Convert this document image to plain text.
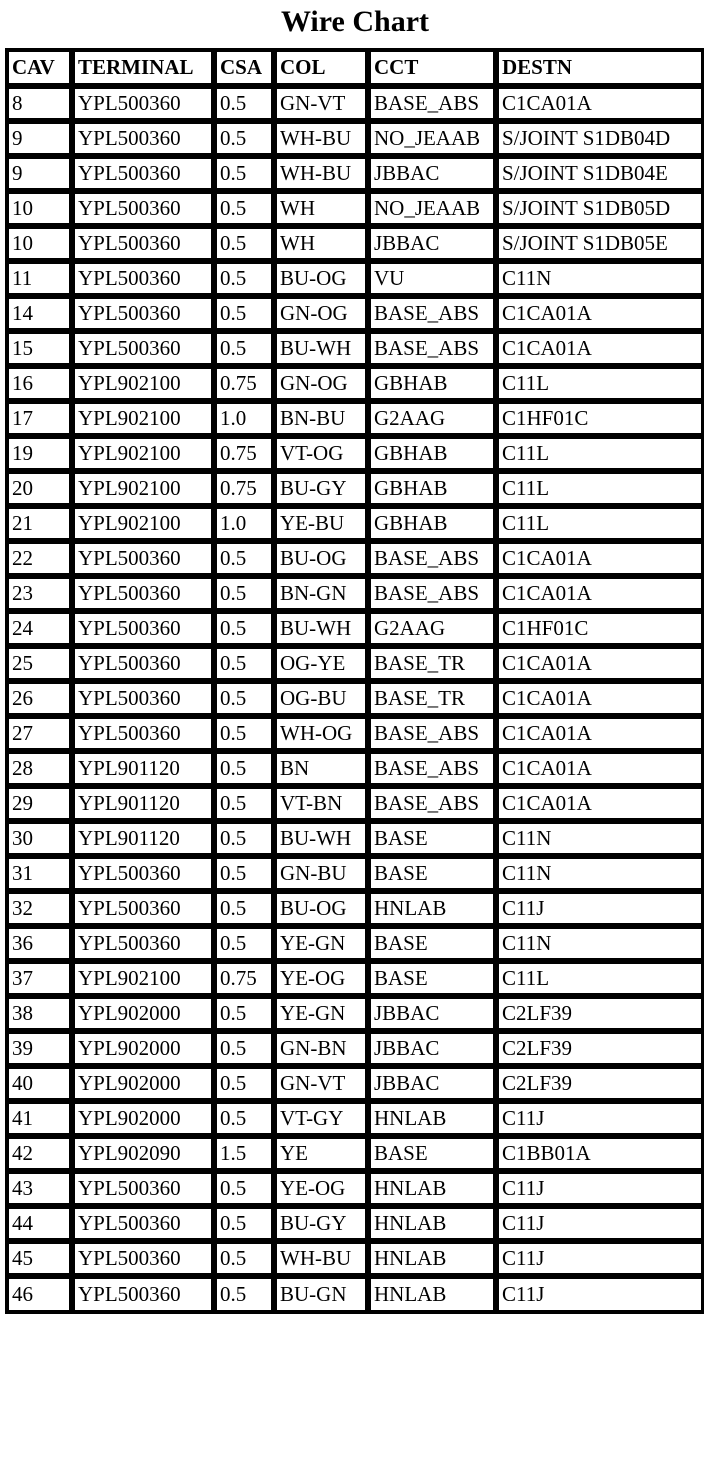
Wire Chart
CAV	TERMINAL	CSA	COL	CCT	DESTN
8	YPL500360	0.5	GN-VT	BASE_ABS	C1CA01A
9	YPL500360	0.5	WH-BU	NO_JEAAB	S/JOINT S1DB04D
9	YPL500360	0.5	WH-BU	JBBAC	S/JOINT S1DB04E
10	YPL500360	0.5	WH	NO_JEAAB	S/JOINT S1DB05D
10	YPL500360	0.5	WH	JBBAC	S/JOINT S1DB05E
11	YPL500360	0.5	BU-OG	VU	C11N
14	YPL500360	0.5	GN-OG	BASE_ABS	C1CA01A
15	YPL500360	0.5	BU-WH	BASE_ABS	C1CA01A
16	YPL902100	0.75	GN-OG	GBHAB	C11L
17	YPL902100	1.0	BN-BU	G2AAG	C1HF01C
19	YPL902100	0.75	VT-OG	GBHAB	C11L
20	YPL902100	0.75	BU-GY	GBHAB	C11L
21	YPL902100	1.0	YE-BU	GBHAB	C11L
22	YPL500360	0.5	BU-OG	BASE_ABS	C1CA01A
23	YPL500360	0.5	BN-GN	BASE_ABS	C1CA01A
24	YPL500360	0.5	BU-WH	G2AAG	C1HF01C
25	YPL500360	0.5	OG-YE	BASE_TR	C1CA01A
26	YPL500360	0.5	OG-BU	BASE_TR	C1CA01A
27	YPL500360	0.5	WH-OG	BASE_ABS	C1CA01A
28	YPL901120	0.5	BN	BASE_ABS	C1CA01A
29	YPL901120	0.5	VT-BN	BASE_ABS	C1CA01A
30	YPL901120	0.5	BU-WH	BASE	C11N
31	YPL500360	0.5	GN-BU	BASE	C11N
32	YPL500360	0.5	BU-OG	HNLAB	C11J
36	YPL500360	0.5	YE-GN	BASE	C11N
37	YPL902100	0.75	YE-OG	BASE	C11L
38	YPL902000	0.5	YE-GN	JBBAC	C2LF39
39	YPL902000	0.5	GN-BN	JBBAC	C2LF39
40	YPL902000	0.5	GN-VT	JBBAC	C2LF39
41	YPL902000	0.5	VT-GY	HNLAB	C11J
42	YPL902090	1.5	YE	BASE	C1BB01A
43	YPL500360	0.5	YE-OG	HNLAB	C11J
44	YPL500360	0.5	BU-GY	HNLAB	C11J
45	YPL500360	0.5	WH-BU	HNLAB	C11J
46	YPL500360	0.5	BU-GN	HNLAB	C11J
